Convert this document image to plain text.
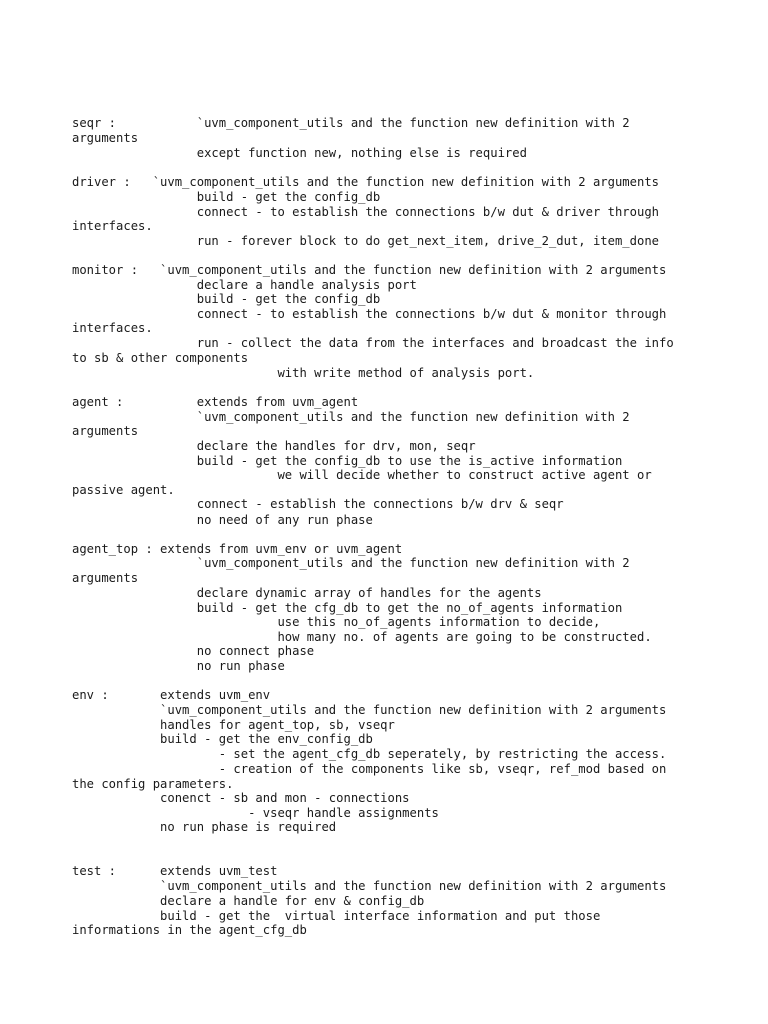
seqr :           `uvm_component_utils and the function new definition with 2
arguments
except function new, nothing else is required
driver :   `uvm_component_utils and the function new definition with 2 arguments
build - get the config_db
connect - to establish the connections b/w dut & driver through
interfaces.
run - forever block to do get_next_item, drive_2_dut, item_done
monitor :   `uvm_component_utils and the function new definition with 2 arguments
declare a handle analysis port
build - get the config_db
connect - to establish the connections b/w dut & monitor through
interfaces.
run - collect the data from the interfaces and broadcast the info
to sb & other components
with write method of analysis port.
agent :          extends from uvm_agent
`uvm_component_utils and the function new definition with 2
arguments
declare the handles for drv, mon, seqr
build - get the config_db to use the is_active information
we will decide whether to construct active agent or
passive agent.
connect - establish the connections b/w drv & seqr
no need of any run phase
agent_top : extends from uvm_env or uvm_agent
`uvm_component_utils and the function new definition with 2
arguments
declare dynamic array of handles for the agents
build - get the cfg_db to get the no_of_agents information
use this no_of_agents information to decide,
how many no. of agents are going to be constructed.
no connect phase
no run phase
env :       extends uvm_env
`uvm_component_utils and the function new definition with 2 arguments
handles for agent_top, sb, vseqr
build - get the env_config_db
- set the agent_cfg_db seperately, by restricting the access.
- creation of the components like sb, vseqr, ref_mod based on
the config parameters.
conenct - sb and mon - connections
- vseqr handle assignments
no run phase is required
test :      extends uvm_test
`uvm_component_utils and the function new definition with 2 arguments
declare a handle for env & config_db
build - get the  virtual interface information and put those
informations in the agent_cfg_db
